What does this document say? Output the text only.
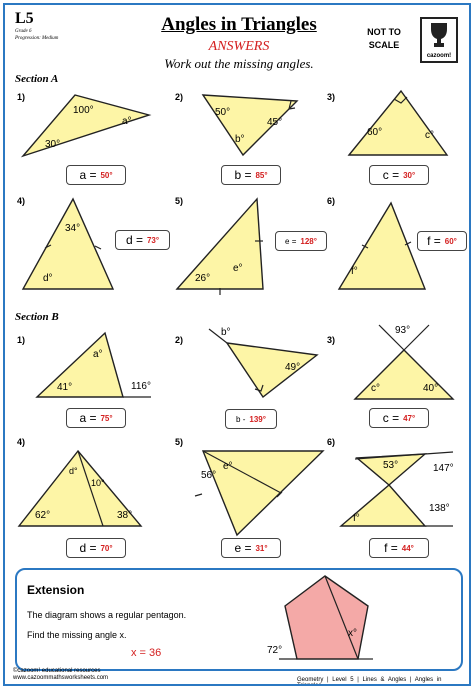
L5
Grade 6
Progression: Medium
Angles in Triangles
ANSWERS
Work out the missing angles.
NOT TO SCALE
cazoom!
Section A
Section B
1)	2)	3)
4)	5)	6)
1)	2)	3)
4)	5)	6)
100°
a°
30°
50°
45°
b°
60°	c°
34°
d°	26°
e°	f°
a°
41°	116°
b°
49°
93°
c°	40°
d°
10°
62°	38°
56°
e°	53°	147°
138°
f°
a = 50°	b = 85°	c = 30°
d = 73°	e = 128°	f = 60°
a = 75°	b - 139°	c = 47°
d = 70°	e = 31°	f = 44°
Extension
The diagram shows a regular pentagon.
Find the missing angle x.
x = 36	72°
x°
©cazoom! educational resources
www.cazoommathsworksheets.com	Geometry | Level 5 | Lines & Angles | Angles in Triangles
